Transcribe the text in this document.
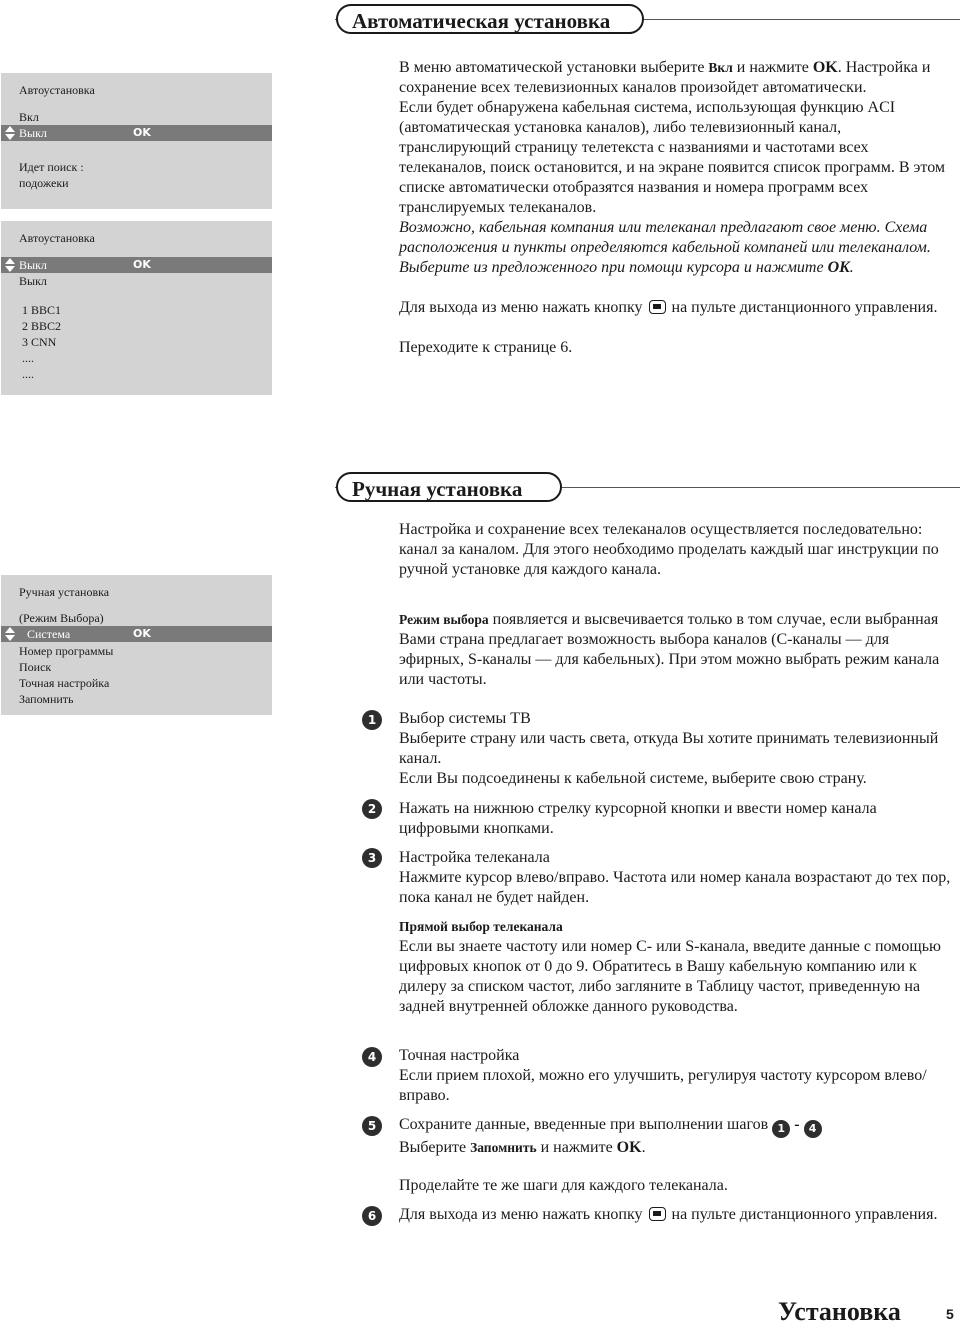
Автоматическая установка
Автоустановка
Вкл
Выкл	OK
Идет поиск :
подожеки
Автоустановка
Выкл	OK
Выкл
1 BBC1
2 BBC2
3 CNN
....
....

В меню автоматической установки выберите Вкл и нажмите OK. Настройка и сохранение всех телевизионных каналов произойдет автоматически.

Если будет обнаружена кабельная система, использующая функцию ACI (автоматическая установка каналов), либо телевизионный канал, транслирующий страницу телетекста с названиями и частотами всех телеканалов, поиск остановится, и на экране появится список программ. В этом списке автоматически отобразятся названия и номера программ всех транслируемых телеканалов.

Возможно, кабельная компания или телеканал предлагают свое меню. Схема расположения и пункты определяются кабельной компаней или телеканалом. Выберите из предложенного при помощи курсора и нажмите OK.

Для выхода из меню нажать кнопку на пульте дистанционного управления.

Переходите к странице 6.

Ручная установка
Ручная установка
(Режим Выбора)
Система	OK
Номер программы
Поиск
Точная настройка
Запомнить
Настройка и сохранение всех телеканалов осуществляется последовательно: канал за каналом. Для этого необходимо проделать каждый шаг инструкции по ручной установке для каждого канала.
Режим выбора появляется и высвечивается только в том случае, если выбранная Вами страна предлагает возможность выбора каналов (С-каналы — для эфирных, S-каналы — для кабельных). При этом можно выбрать режим канала или частоты.
1	Выбор системы ТВ
Выберите страну или часть света, откуда Вы хотите принимать телевизионный канал.
Если Вы подсоединены к кабельной системе, выберите свою страну.
2	Нажать на нижнюю стрелку курсорной кнопки и ввести номер канала цифровыми кнопками.
3	Настройка телеканала
Нажмите курсор влево/вправо. Частота или номер канала возрастают до тех пор, пока канал не будет найден.

Прямой выбор телеканала

Если вы знаете частоту или номер С- или S-канала, введите данные с помощью цифровых кнопок от 0 до 9. Обратитесь в Вашу кабельную компанию или к дилеру за списком частот, либо загляните в Таблицу частот, приведенную на задней внутренней обложке данного руководства.

4	Точная настройка
Если прием плохой, можно его улучшить, регулируя частоту курсором влево/вправо.
5	Сохраните данные, введенные при выполнении шагов 1 - 4

Выберите Запомнить и нажмите OK.

Проделайте те же шаги для каждого телеканала.
6	Для выхода из меню нажать кнопку на пульте дистанционного управления.
Установка	5
